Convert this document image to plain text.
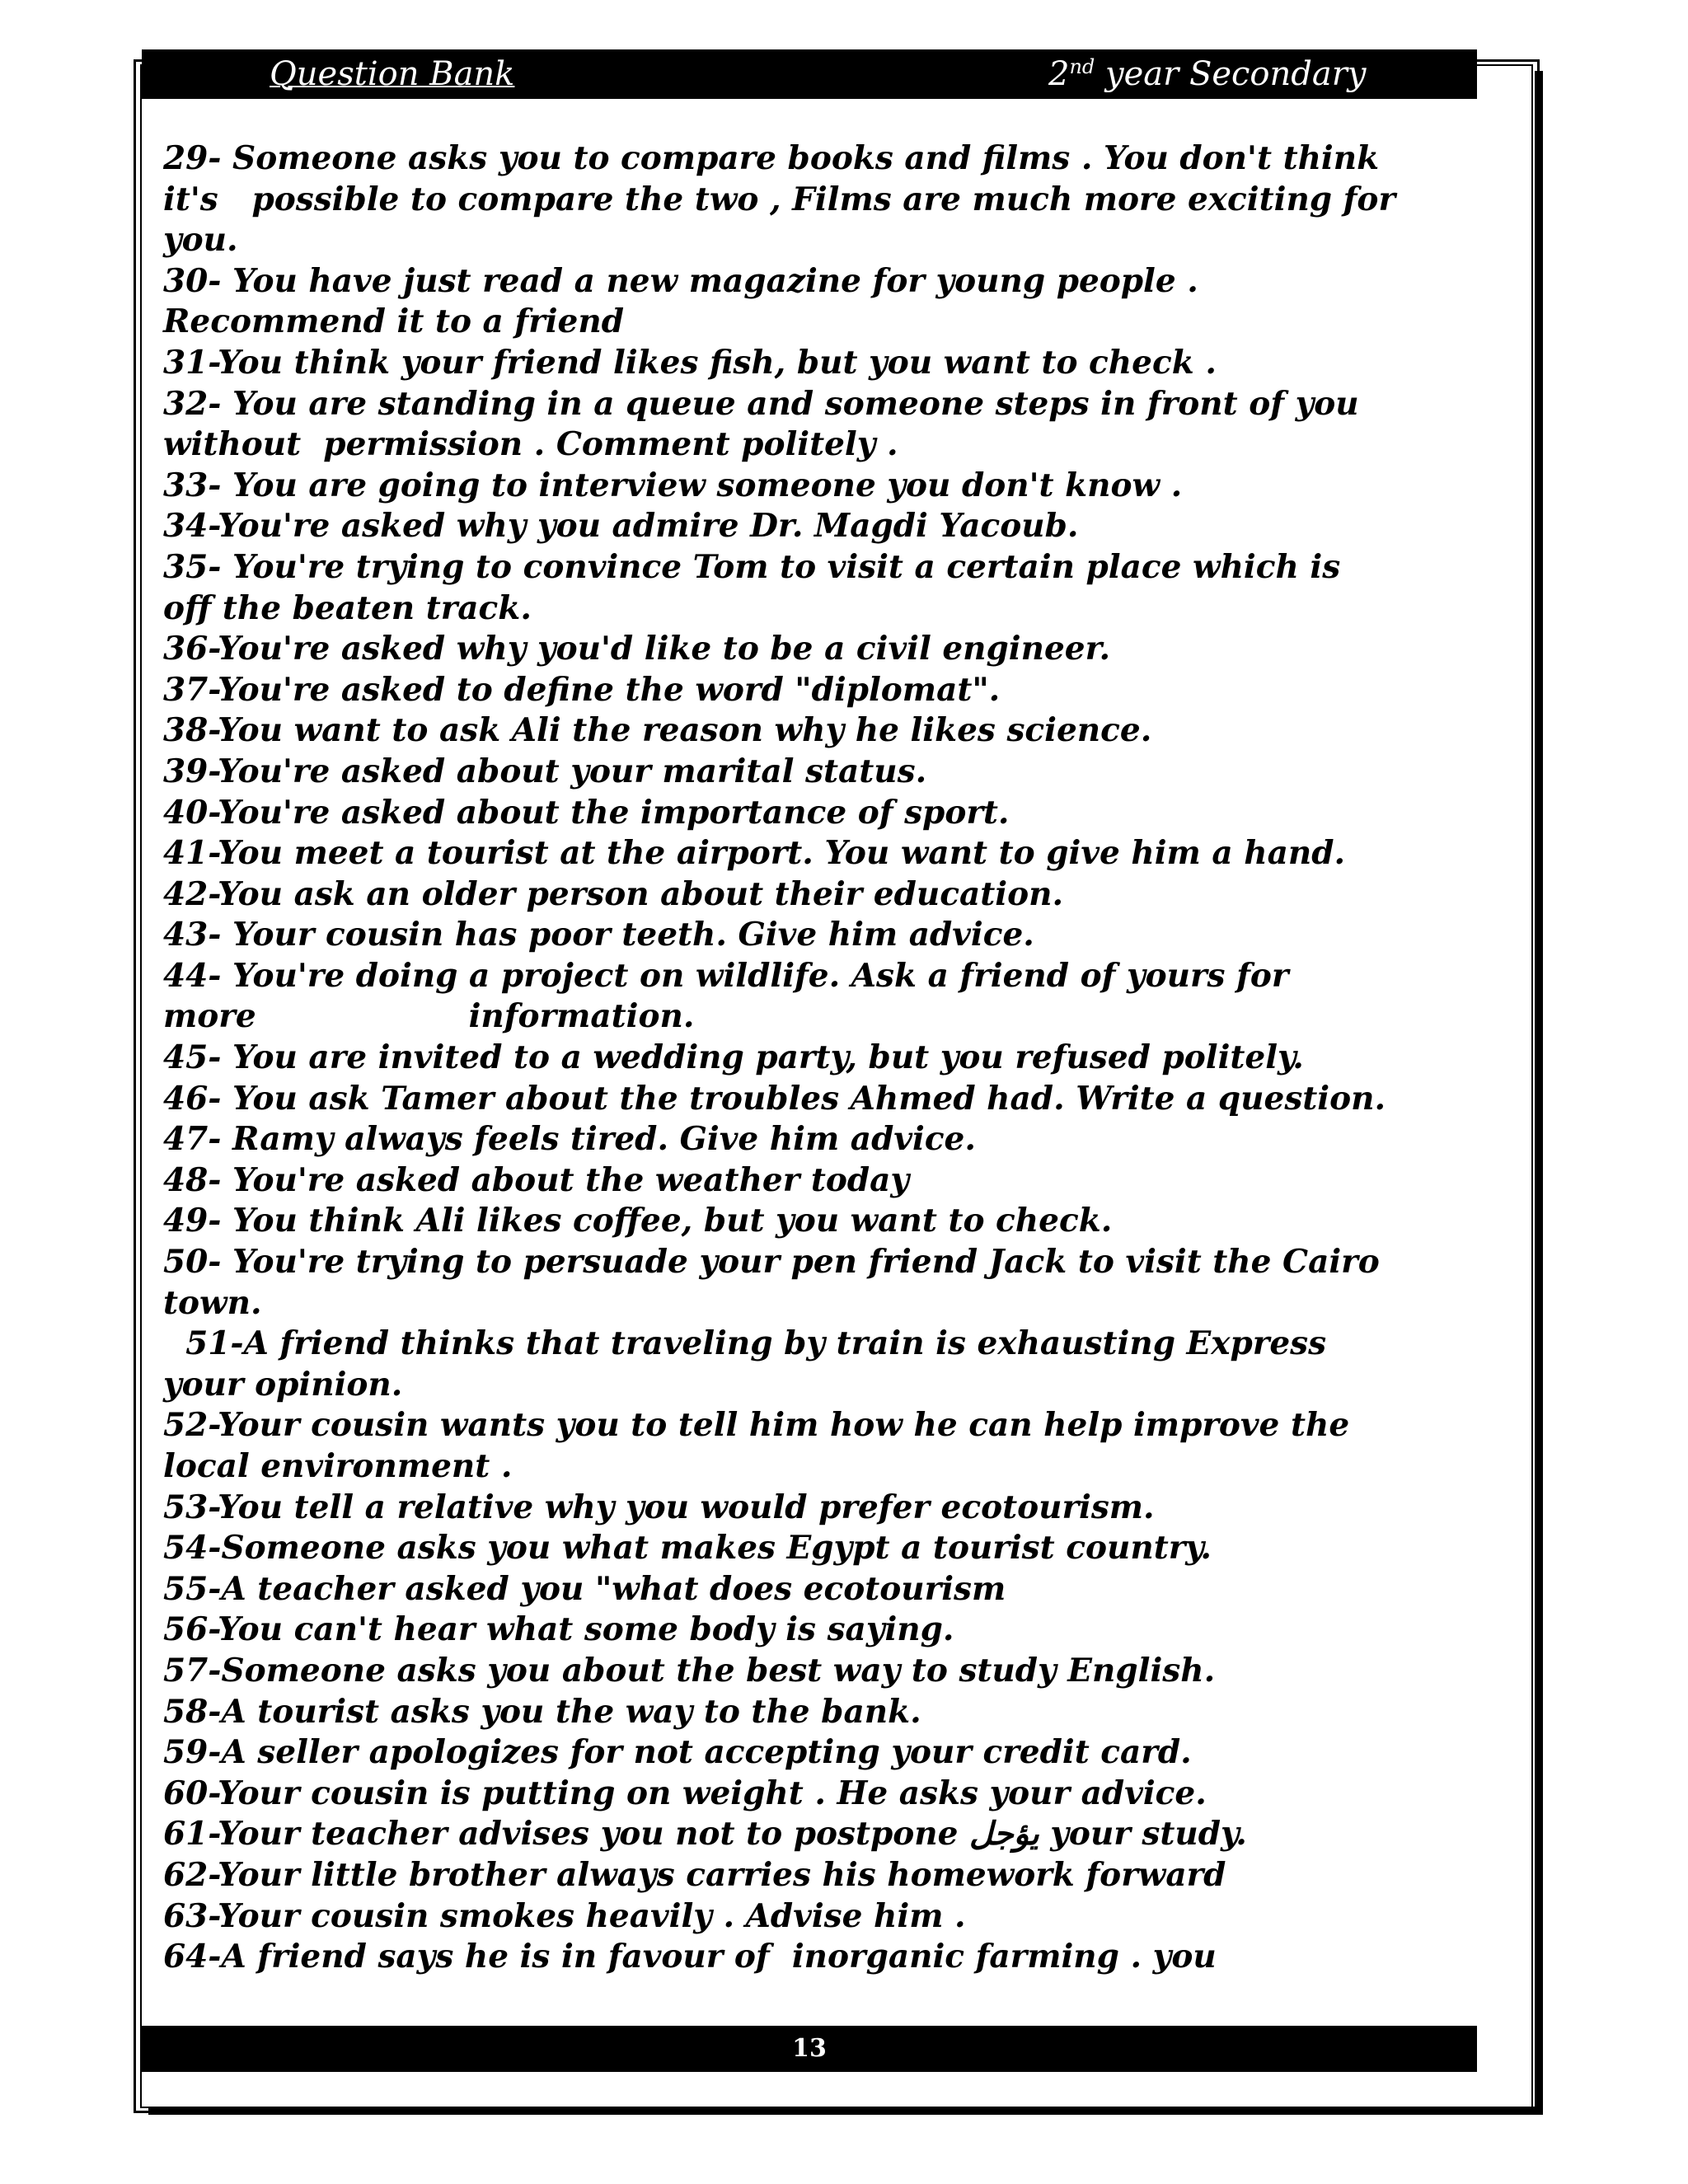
Question Bank	2nd year Secondary
29- Someone asks you to compare books and films . You don't think
it's   possible to compare the two , Films are much more exciting for
you.
30- You have just read a new magazine for young people .
Recommend it to a friend
31-You think your friend likes fish, but you want to check .
32- You are standing in a queue and someone steps in front of you
without  permission . Comment politely .
33- You are going to interview someone you don't know .
34-You're asked why you admire Dr. Magdi Yacoub.
35- You're trying to convince Tom to visit a certain place which is
off the beaten track.
36-You're asked why you'd like to be a civil engineer.
37-You're asked to define the word "diplomat".
38-You want to ask Ali the reason why he likes science.
39-You're asked about your marital status.
40-You're asked about the importance of sport.
41-You meet a tourist at the airport. You want to give him a hand.
42-You ask an older person about their education.
43- Your cousin has poor teeth. Give him advice.
44- You're doing a project on wildlife. Ask a friend of yours for
more                   information.
45- You are invited to a wedding party, but you refused politely.
46- You ask Tamer about the troubles Ahmed had. Write a question.
47- Ramy always feels tired. Give him advice.
48- You're asked about the weather today
49- You think Ali likes coffee, but you want to check.
50- You're trying to persuade your pen friend Jack to visit the Cairo
town.
51-A friend thinks that traveling by train is exhausting Express
your opinion.
52-Your cousin wants you to tell him how he can help improve the
local environment .
53-You tell a relative why you would prefer ecotourism.
54-Someone asks you what makes Egypt a tourist country.
55-A teacher asked you "what does ecotourism
56-You can't hear what some body is saying.
57-Someone asks you about the best way to study English.
58-A tourist asks you the way to the bank.
59-A seller apologizes for not accepting your credit card.
60-Your cousin is putting on weight . He asks your advice.
61-Your teacher advises you not to postpone يؤجل your study.
62-Your little brother always carries his homework forward
63-Your cousin smokes heavily . Advise him .
64-A friend says he is in favour of  inorganic farming . you
13
